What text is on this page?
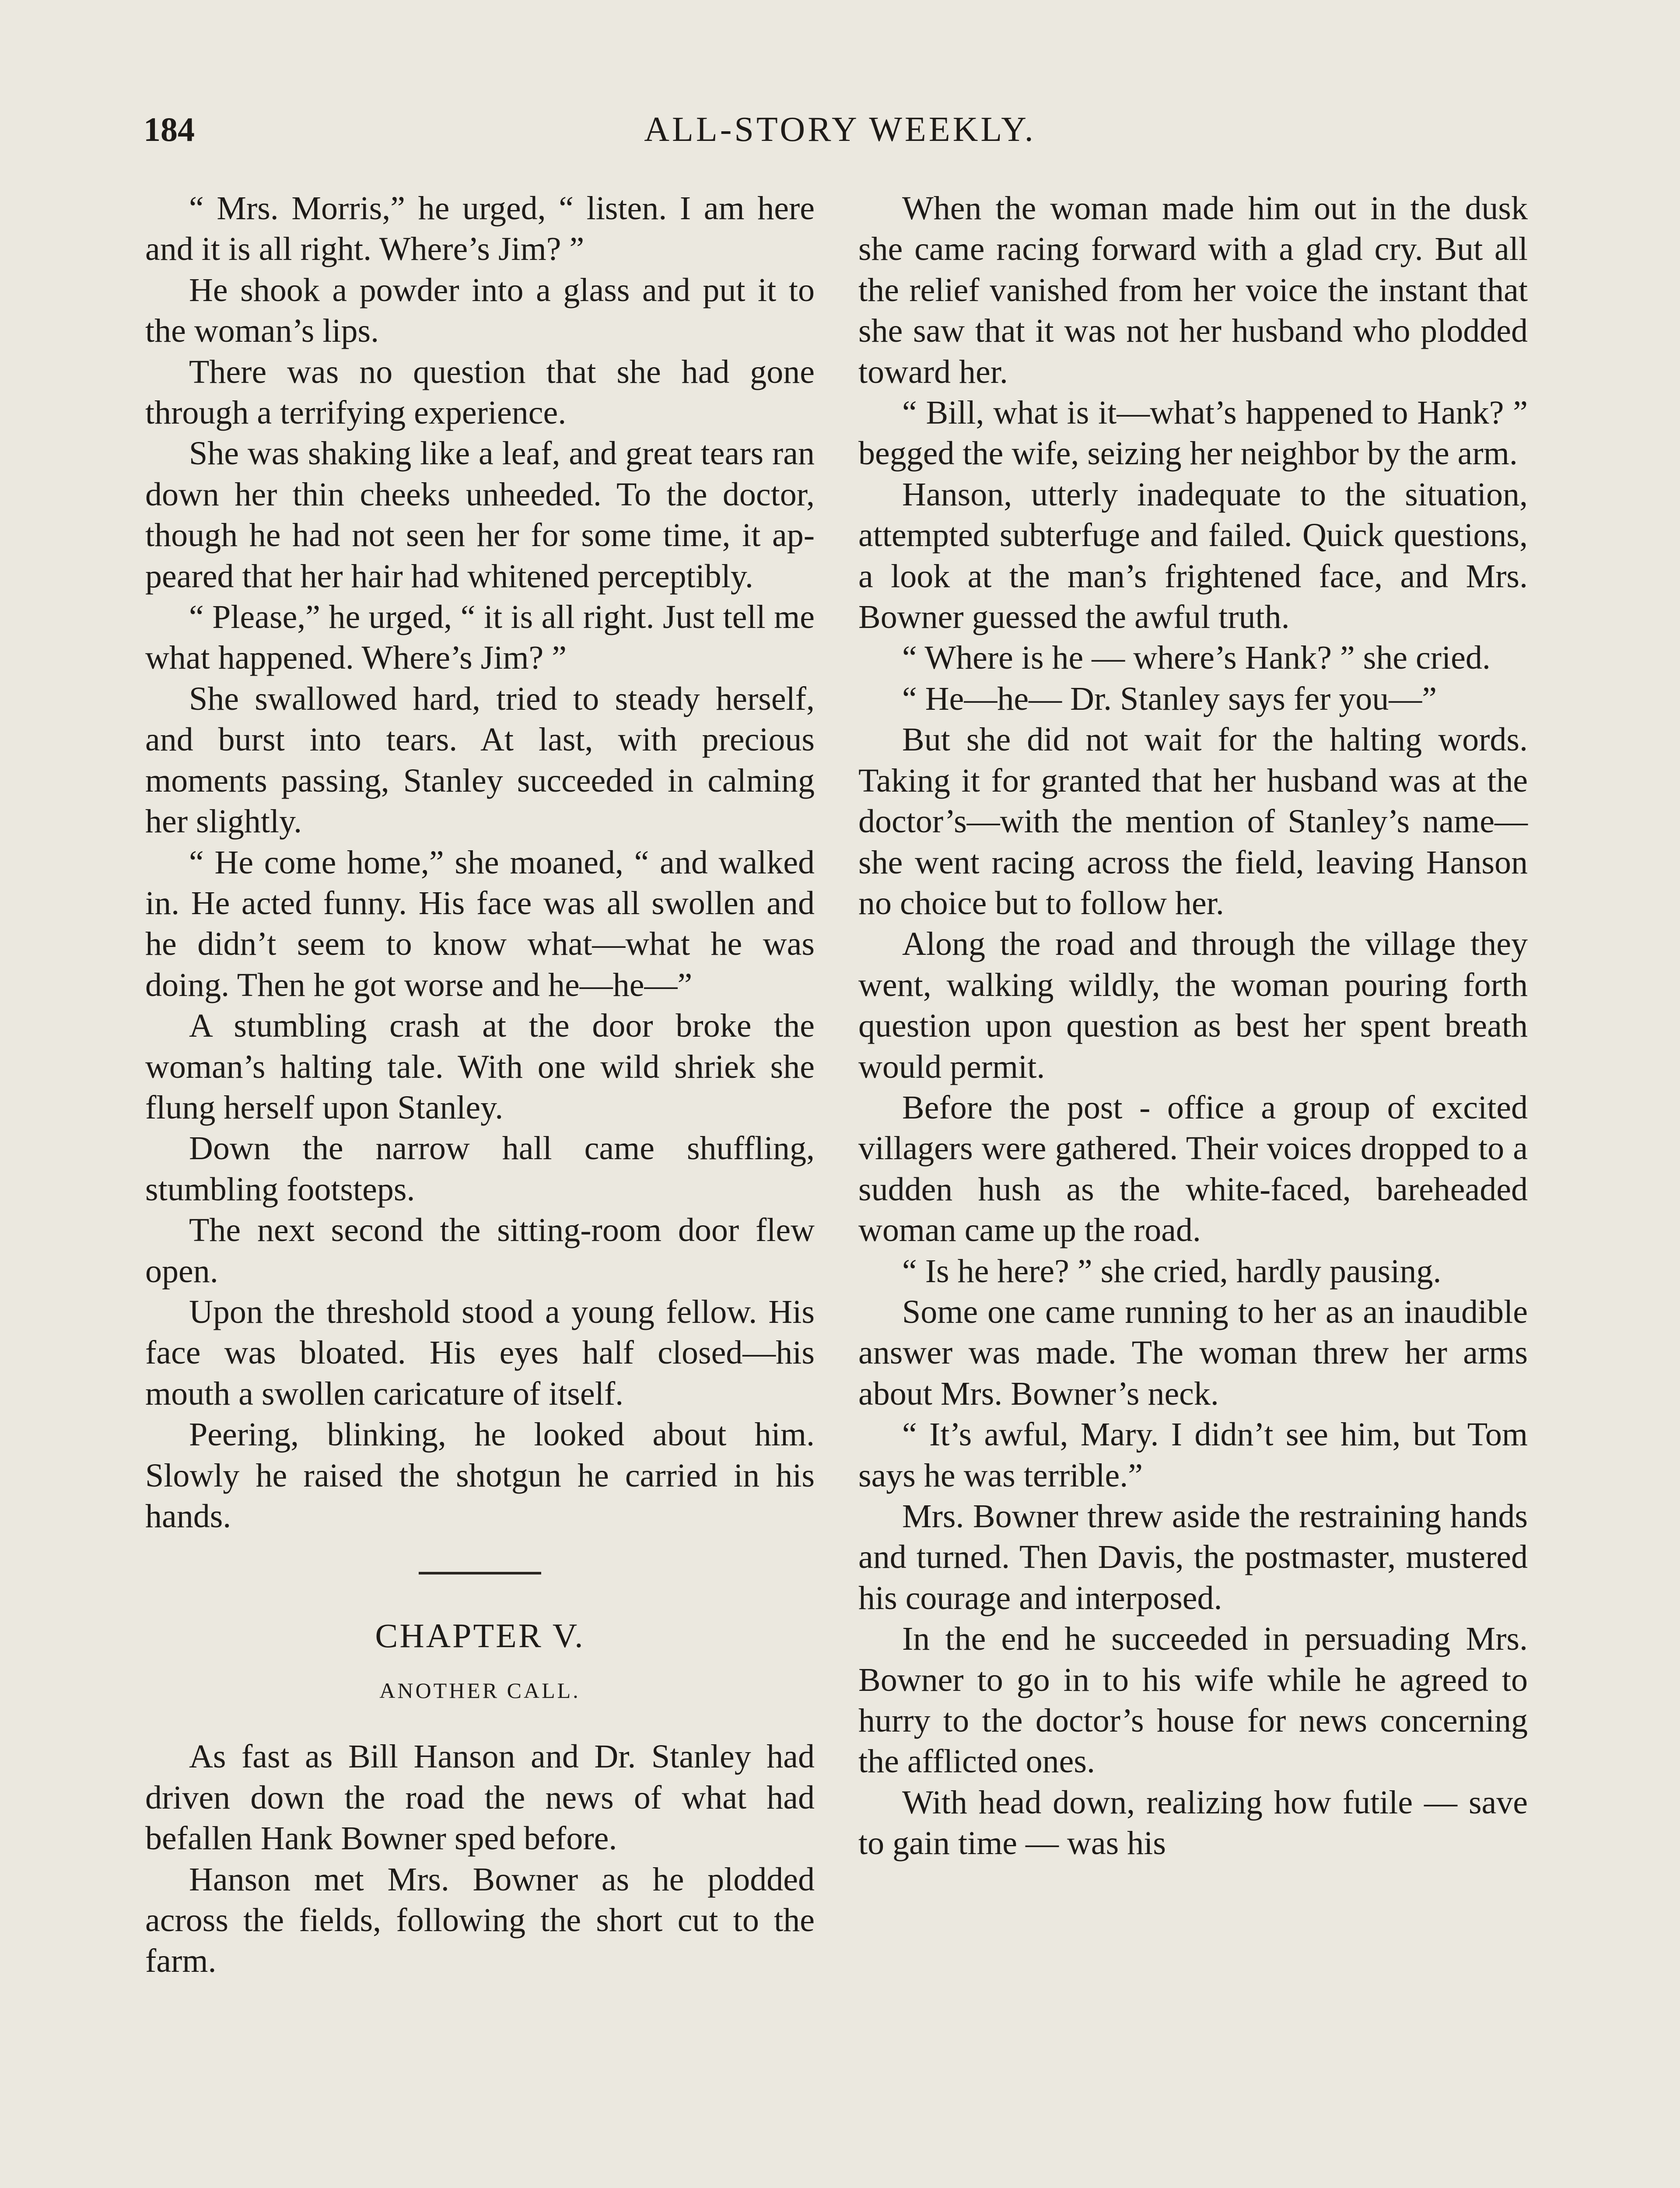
184	ALL-STORY WEEKLY.

“ Mrs. Morris,” he urged, “ listen. I am here and it is all right. Where’s Jim? ”

He shook a powder into a glass and put it to the woman’s lips.

There was no question that she had gone through a terrifying experience.

She was shaking like a leaf, and great tears ran down her thin cheeks unheeded. To the doctor, though he had not seen her for some time, it appeared that her hair had whitened perceptibly.

“ Please,” he urged, “ it is all right. Just tell me what happened. Where’s Jim? ”

She swallowed hard, tried to steady herself, and burst into tears. At last, with precious moments passing, Stanley succeeded in calming her slightly.

“ He come home,” she moaned, “ and walked in. He acted funny. His face was all swollen and he didn’t seem to know what—what he was doing. Then he got worse and he—he—”

A stumbling crash at the door broke the woman’s halting tale. With one wild shriek she flung herself upon Stanley.

Down the narrow hall came shuffling, stumbling footsteps.

The next second the sitting-room door flew open.

Upon the threshold stood a young fellow. His face was bloated. His eyes half closed—his mouth a swollen caricature of itself.

Peering, blinking, he looked about him. Slowly he raised the shotgun he carried in his hands.

CHAPTER V.
ANOTHER CALL.

As fast as Bill Hanson and Dr. Stanley had driven down the road the news of what had befallen Hank Bowner sped before.

Hanson met Mrs. Bowner as he plodded across the fields, following the short cut to the farm.

When the woman made him out in the dusk she came racing forward with a glad cry. But all the relief vanished from her voice the instant that she saw that it was not her husband who plodded toward her.

“ Bill, what is it—what’s happened to Hank? ” begged the wife, seizing her neighbor by the arm.

Hanson, utterly inadequate to the situation, attempted subterfuge and failed. Quick questions, a look at the man’s frightened face, and Mrs. Bowner guessed the awful truth.

“ Where is he — where’s Hank? ” she cried.

“ He—he— Dr. Stanley says fer you—”

But she did not wait for the halting words. Taking it for granted that her husband was at the doctor’s—with the mention of Stanley’s name—she went racing across the field, leaving Hanson no choice but to follow her.

Along the road and through the village they went, walking wildly, the woman pouring forth question upon question as best her spent breath would permit.

Before the post - office a group of excited villagers were gathered. Their voices dropped to a sudden hush as the white-faced, bareheaded woman came up the road.

“ Is he here? ” she cried, hardly pausing.

Some one came running to her as an inaudible answer was made. The woman threw her arms about Mrs. Bowner’s neck.

“ It’s awful, Mary. I didn’t see him, but Tom says he was terrible.”

Mrs. Bowner threw aside the restraining hands and turned. Then Davis, the postmaster, mustered his courage and interposed.

In the end he succeeded in persuading Mrs. Bowner to go in to his wife while he agreed to hurry to the doctor’s house for news concerning the afflicted ones.

With head down, realizing how futile — save to gain time — was his
